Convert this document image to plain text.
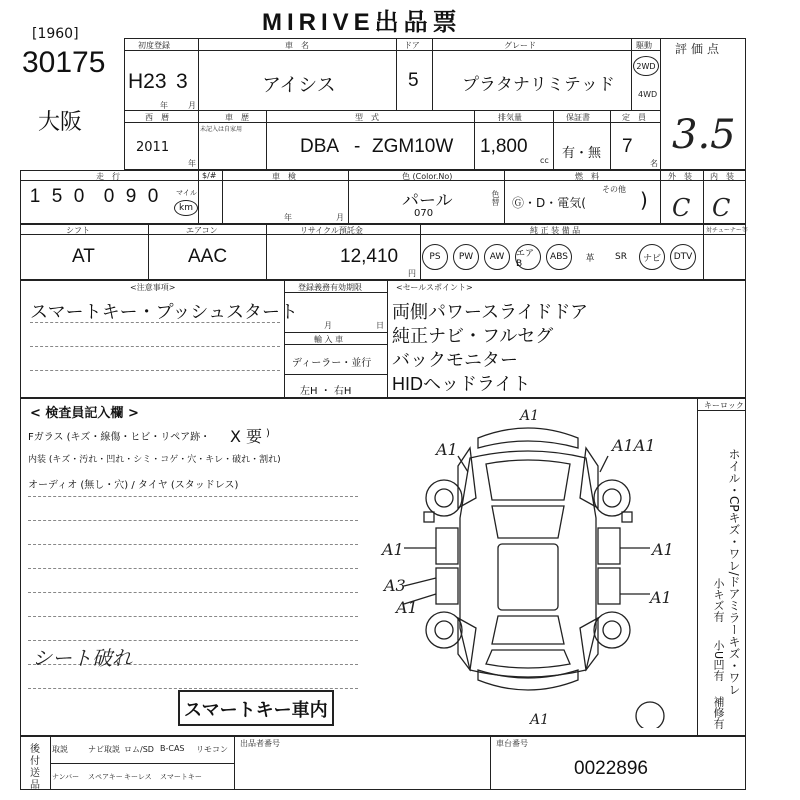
MIRIVE出品票
[1960]
30175
大阪
初度登録
H23 3
年	月
車　名
アイシス
ドア
5
グレード
プラタナリミテッド
駆動
2WD
4WD
西　暦
2011
年
車　歴
未記入は自家用
型　式
DBA - ZGM10W
排気量
1,800
cc
保証書
有・無
定　員
7
名
評価点
3.5
走　行
1 5 0	0 9 0	マイル
km
$/#	車　検
年	月
色 (Color.No)
パール
070
色替
燃　料
Ⓖ・D・電気(
その他 )
外　装
C
内　装
C
シフト
AT
エアコン
AAC
リサイクル預託金
12,410
円
純 正 装 備 品	対チューナー等
PS	PW	AW	エアB
ABS	革	SR	ナビ	DTV
<注意事項>
スマートキー・プッシュスタート
登録義務有効期限
月	日
輸 入 車
ディーラー・並行
左H ・ 右H
<セールスポイント>
両側パワースライドドア
純正ナビ・フルセグ
バックモニター
HIDヘッドライト
< 検査員記入欄 >
Fガラス (キズ・線傷・ヒビ・リペア跡・ X 要 )
内装 (キズ・汚れ・凹れ・シミ・コゲ・穴・キレ・破れ・割れ)
オーディオ (無し・穴) / タイヤ (スタッドレス)
シート破れ
スマートキー車内
キーロック
ホイル・CPキズ・ワレ/ドアミラーキズ・ワレ
小キズ有
小U凹有
補修有
A1
A1	A1A1
A1	A1
A3
A1
A1
A1
後
付
送
品
取説	ナビ取説 ロム/SD B-CAS リモコン
ナンバー スペアキー キーレス スマートキー
出品者番号	車台番号
0022896
